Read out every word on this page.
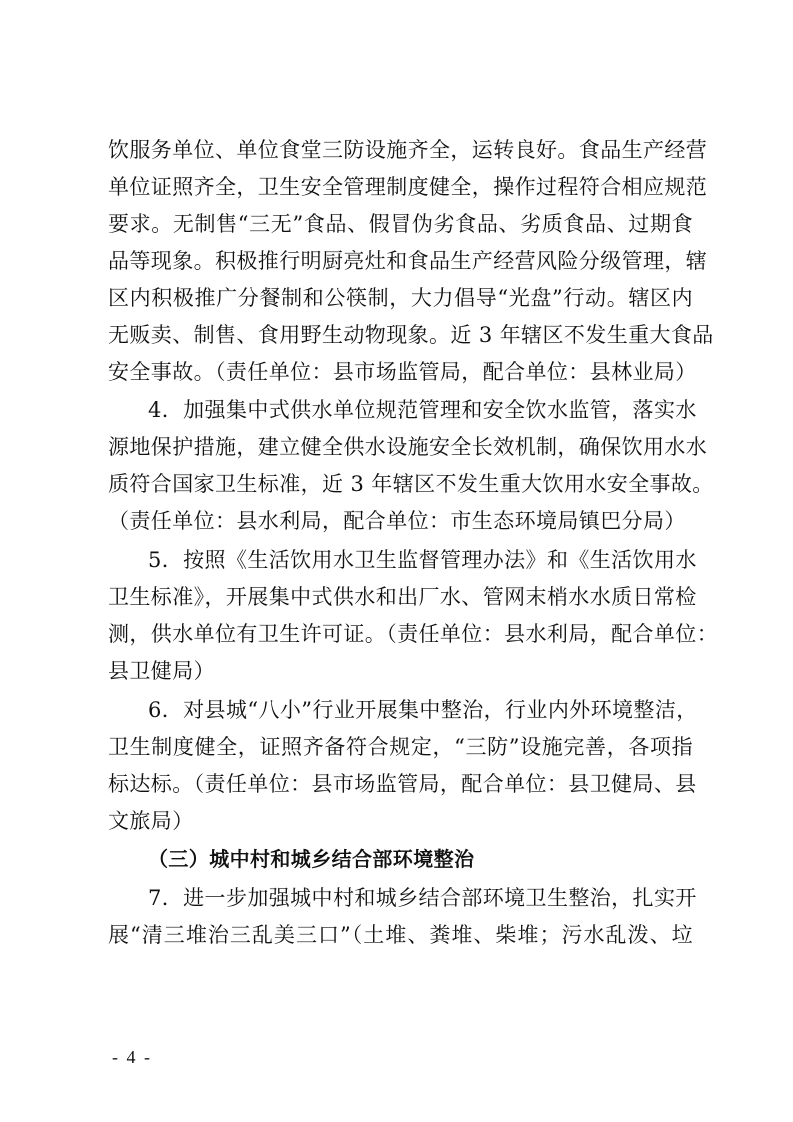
饮服务单位、单位食堂三防设施齐全，运转良好。食品生产经营
单位证照齐全，卫生安全管理制度健全，操作过程符合相应规范
要求。无制售“三无”食品、假冒伪劣食品、劣质食品、过期食
品等现象。积极推行明厨亮灶和食品生产经营风险分级管理，辖
区内积极推广分餐制和公筷制，大力倡导“光盘”行动。辖区内
无贩卖、制售、食用野生动物现象。近 3 年辖区不发生重大食品
安全事故。（责任单位：县市场监管局，配合单位：县林业局）
4．加强集中式供水单位规范管理和安全饮水监管，落实水
源地保护措施，建立健全供水设施安全长效机制，确保饮用水水
质符合国家卫生标准，近 3 年辖区不发生重大饮用水安全事故。
（责任单位：县水利局，配合单位：市生态环境局镇巴分局）
5．按照《生活饮用水卫生监督管理办法》和《生活饮用水
卫生标准》，开展集中式供水和出厂水、管网末梢水水质日常检
测，供水单位有卫生许可证。（责任单位：县水利局，配合单位：
县卫健局）
6．对县城“八小”行业开展集中整治，行业内外环境整洁，
卫生制度健全，证照齐备符合规定，“三防”设施完善，各项指
标达标。（责任单位：县市场监管局，配合单位：县卫健局、县
文旅局）
（三）城中村和城乡结合部环境整治
7．进一步加强城中村和城乡结合部环境卫生整治，扎实开
展“清三堆治三乱美三口”（土堆、粪堆、柴堆；污水乱泼、垃
- 4 -
